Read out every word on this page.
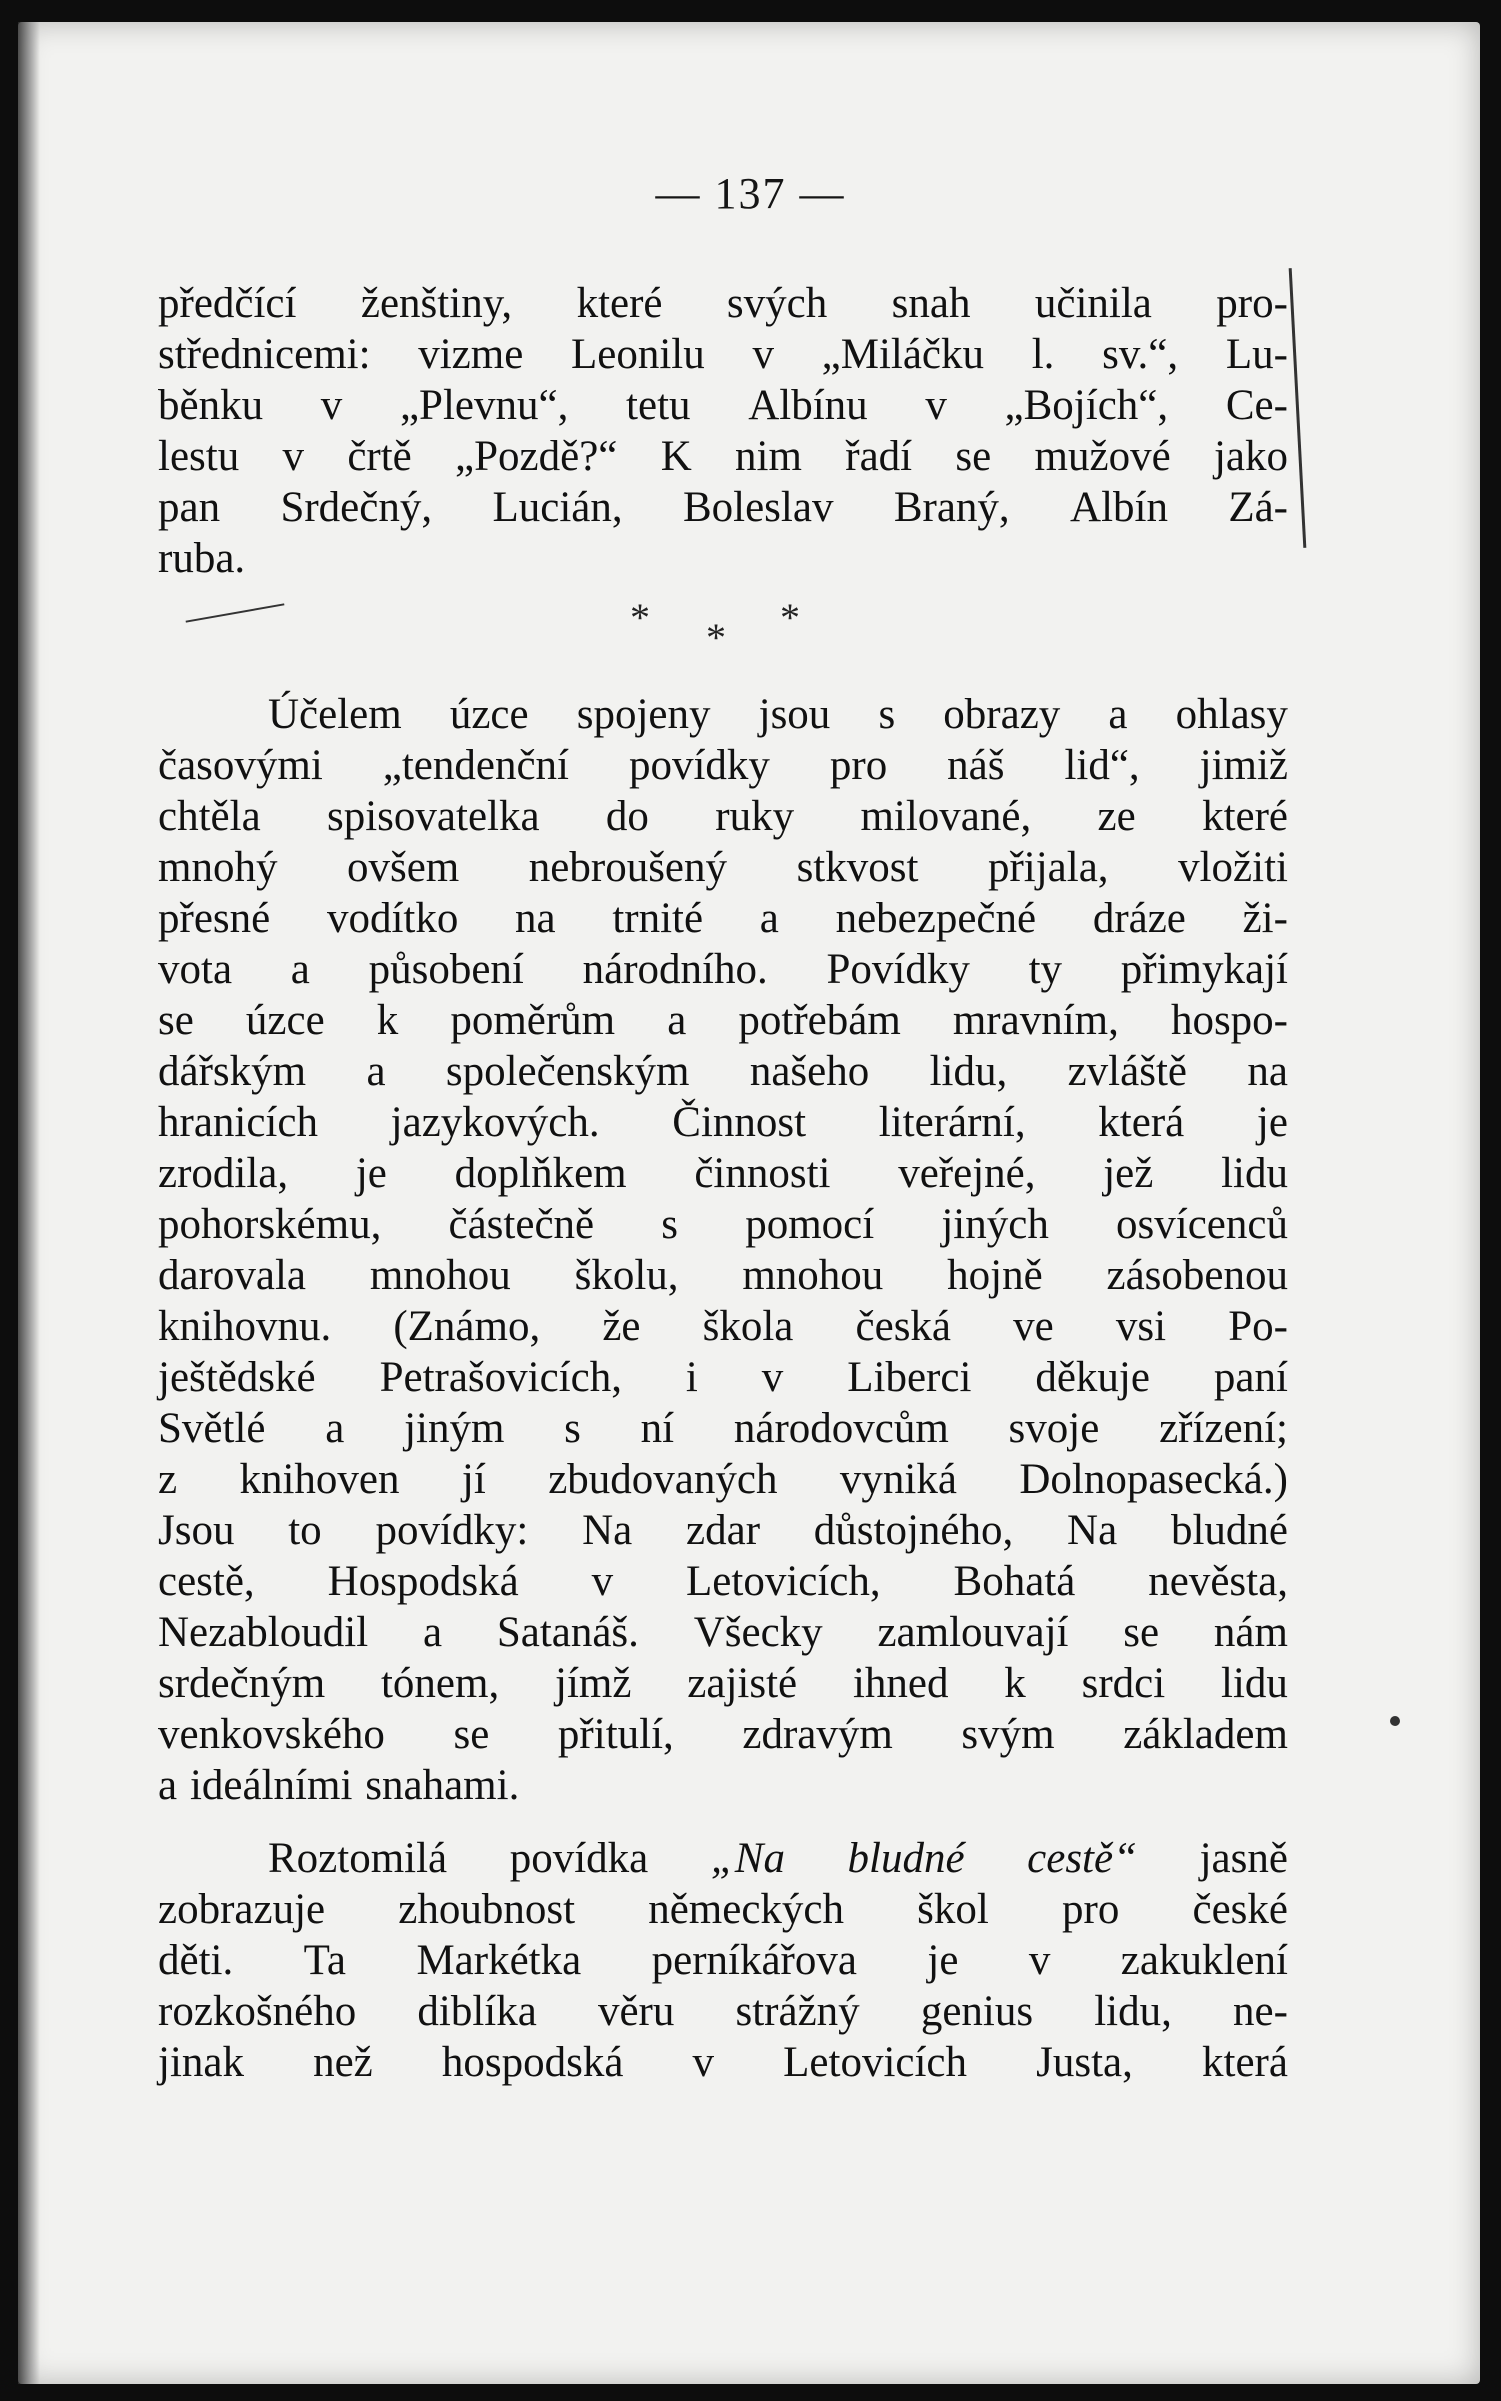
— 137 —
předčící ženštiny, které svých snah učinila pro-
střednicemi: vizme Leonilu v „Miláčku l. sv.“, Lu-
běnku v „Plevnu“, tetu Albínu v „Bojích“, Ce-
lestu v črtě „Pozdě?“ K nim řadí se mužové jako
pan Srdečný, Lucián, Boleslav Braný, Albín Zá-
ruba.
* * *
Účelem úzce spojeny jsou s obrazy a ohlasy
časovými „tendenční povídky pro náš lid“, jimiž
chtěla spisovatelka do ruky milované, ze které
mnohý ovšem nebroušený stkvost přijala, vložiti
přesné vodítko na trnité a nebezpečné dráze ži-
vota a působení národního. Povídky ty přimykají
se úzce k poměrům a potřebám mravním, hospo-
dářským a společenským našeho lidu, zvláště na
hranicích jazykových. Činnost literární, která je
zrodila, je doplňkem činnosti veřejné, jež lidu
pohorskému, částečně s pomocí jiných osvícenců
darovala mnohou školu, mnohou hojně zásobenou
knihovnu. (Známo, že škola česká ve vsi Po-
ještědské Petrašovicích, i v Liberci děkuje paní
Světlé a jiným s ní národovcům svoje zřízení;
z knihoven jí zbudovaných vyniká Dolnopasecká.)
Jsou to povídky: Na zdar důstojného, Na bludné
cestě, Hospodská v Letovicích, Bohatá nevěsta,
Nezabloudil a Satanáš. Všecky zamlouvají se nám
srdečným tónem, jímž zajisté ihned k srdci lidu
venkovského se přitulí, zdravým svým základem
a ideálními snahami.
Roztomilá povídka „Na bludné cestě“ jasně
zobrazuje zhoubnost německých škol pro české
děti. Ta Markétka perníkářova je v zakuklení
rozkošného diblíka věru strážný genius lidu, ne-
jinak než hospodská v Letovicích Justa, která
